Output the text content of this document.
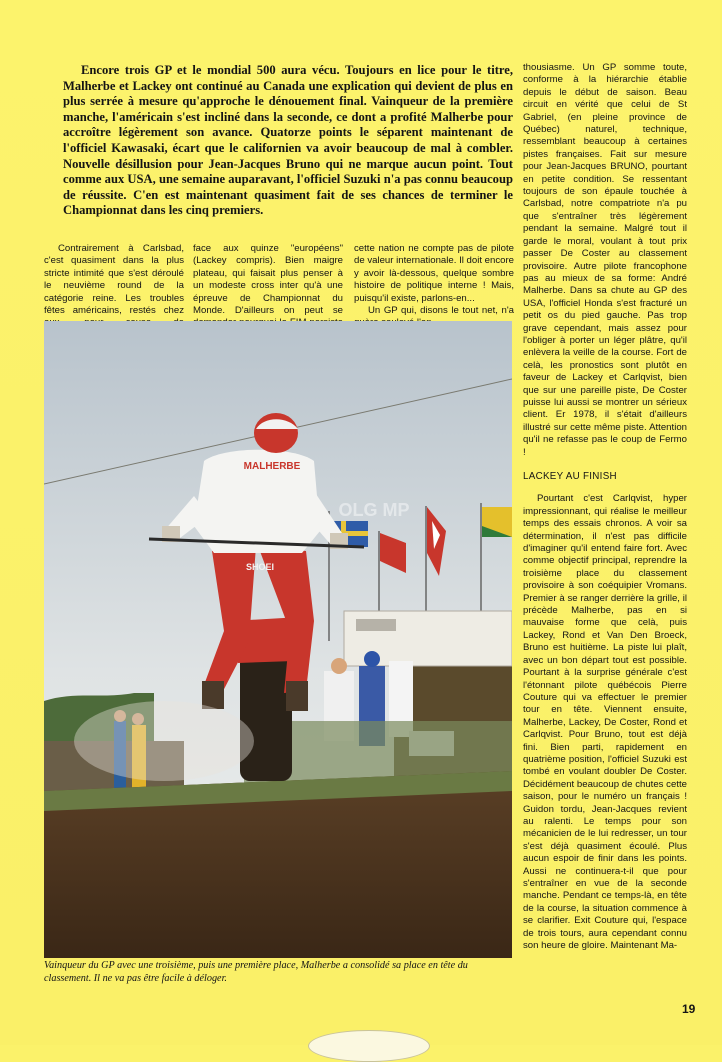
Encore trois GP et le mondial 500 aura vécu. Toujours en lice pour le titre, Malherbe et Lackey ont continué au Canada une explication qui devient de plus en plus serrée à mesure qu'approche le dénouement final. Vainqueur de la première manche, l'américain s'est incliné dans la seconde, ce dont a profité Malherbe pour accroître légèrement son avance. Quatorze points le séparent maintenant de l'officiel Kawasaki, écart que le californien va avoir beaucoup de mal à combler. Nouvelle désillusion pour Jean-Jacques Bruno qui ne marque aucun point. Tout comme aux USA, une semaine auparavant, l'officiel Suzuki n'a pas connu beaucoup de réussite. C'en est maintenant quasiment fait de ses chances de terminer le Championnat dans les cinq premiers.

Contrairement à Carlsbad, c'est quasiment dans la plus stricte intimité que s'est déroulé le neuvième round de la catégorie reine. Les troubles fêtes américains, restés chez

face aux quinze "européens" (Lackey compris). Bien maigre plateau, qui faisait plus penser à un modeste cross inter qu'à une épreuve de Championnat du Monde. D'ailleurs on peut se

cette nation ne compte pas de pilote de valeur internationale. Il doit encore y avoir là-dessous, quelque sombre histoire de politique interne ! Mais, puisqu'il existe, parlons-en...

Un GP qui, disons le tout net, n'a

SHOEI
MALHERBE
OLG MP

Vainqueur du GP avec une troisième, puis une première place, Malherbe a consolidé sa place en tête du classement. Il ne va pas être facile à déloger.

thousiasme. Un GP somme toute, conforme à la hiérarchie établie depuis le début de saison. Beau circuit en vérité que celui de St Gabriel, (en pleine province de Québec) naturel, technique, ressemblant beaucoup à certaines pistes françaises. Fait sur mesure pour Jean-Jacques BRUNO, pourtant en petite condition. Se ressentant toujours de son épaule touchée à Carlsbad, notre compatriote n'a pu que s'entraîner très légèrement pendant la semaine. Malgré tout il garde le moral, voulant à tout prix passer De Coster au classement provisoire. Autre pilote francophone pas au mieux de sa forme: André Malherbe. Dans sa chute au GP des USA, l'officiel Honda s'est fracturé un petit os du pied gauche. Pas trop grave cependant, mais assez pour l'obliger à porter un léger plâtre, qu'il enlèvera la veille de la course. Fort de celà, les pronostics sont plutôt en faveur de Lackey et Carlqvist, bien que sur une pareille piste, De Coster puisse lui aussi se montrer un sérieux client. Er 1978, il s'était d'ailleurs illustré sur cette même piste. Attention qu'il ne refasse pas le coup de Fermo !

LACKEY AU FINISH

Pourtant c'est Carlqvist, hyper impressionnant, qui réalise le meilleur temps des essais chronos. A voir sa détermination, il n'est pas difficile d'imaginer qu'il entend faire fort. Avec comme objectif principal, reprendre la troisième place du classement provisoire à son coéquipier Vromans. Premier à se ranger derrière la grille, il précède Malherbe, pas en si mauvaise forme que celà, puis Lackey, Rond et Van Den Broeck, Bruno est huitième. La piste lui plaît, avec un bon départ tout est possible. Pourtant à la surprise générale c'est l'étonnant pilote québécois Pierre Couture qui va effectuer le premier tour en tête. Viennent ensuite, Malherbe, Lackey, De Coster, Rond et Carlqvist. Pour Bruno, tout est déjà fini. Bien parti, rapidement en quatrième position, l'officiel Suzuki est tombé en voulant doubler De Coster. Décidément beaucoup de chutes cette saison, pour le numéro un français ! Guidon tordu, Jean-Jacques revient au ralenti. Le temps pour son mécanicien de le lui redresser, un tour s'est déjà quasiment écoulé. Plus aucun espoir de finir dans les points. Aussi ne continuera-t-il que pour s'entraîner en vue de la seconde manche. Pendant ce temps-là, en tête de la course, la situation commence à se clarifier. Exit Couture qui, l'espace de trois tours, aura cependant connu son heure de gloire. Maintenant Ma-

19
